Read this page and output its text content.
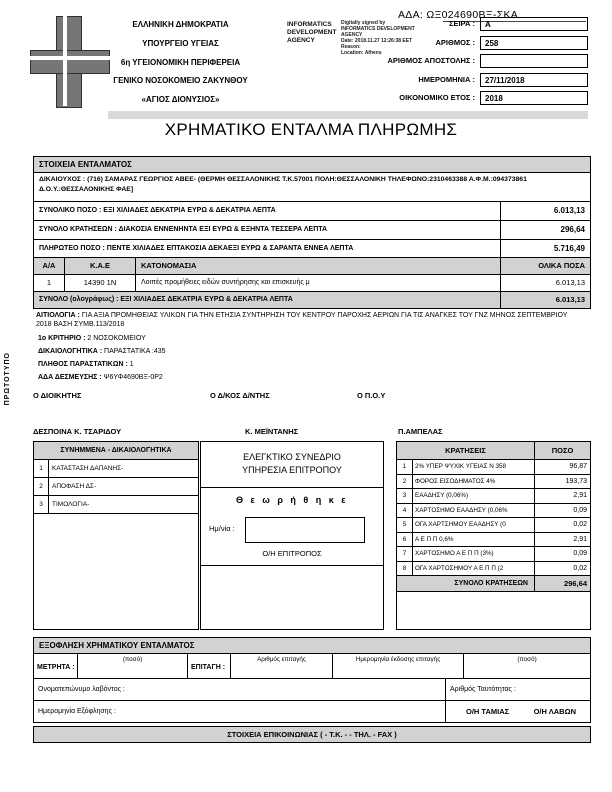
ΕΛΛΗΝΙΚΗ ΔΗΜΟΚΡΑΤΙΑ
ΥΠΟΥΡΓΕΙΟ ΥΓΕΙΑΣ
6η ΥΓΕΙΟΝΟΜΙΚΗ ΠΕΡΙΦΕΡΕΙΑ
ΓΕΝΙΚΟ ΝΟΣΟΚΟΜΕΙΟ ΖΑΚΥΝΘΟΥ
«ΑΓΙΟΣ ΔΙΟΝΥΣΙΟΣ»
INFORMATICS DEVELOPMENT AGENCY
Digitally signed by
INFORMATICS DEVELOPMENT AGENCY
Date: 2018.11.27 12:26:38 EET
Reason:
Location: Athens
ΑΔΑ: ΩΞ024690ΒΞ-ΣΚΑ
ΣΕΙΡΑ :	Α
ΑΡΙΘΜΟΣ :	258
ΑΡΙΘΜΟΣ ΑΠΟΣΤΟΛΗΣ :
ΗΜΕΡΟΜΗΝΙΑ :	27/11/2018
ΟΙΚΟΝΟΜΙΚΟ ΕΤΟΣ :	2018
ΧΡΗΜΑΤΙΚΟ ΕΝΤΑΛΜΑ ΠΛΗΡΩΜΗΣ
ΣΤΟΙΧΕΙΑ ΕΝΤΑΛΜΑΤΟΣ
ΔΙΚΑΙΟΥΧΟΣ : (716) ΣΑΜΑΡΑΣ ΓΕΩΡΓΙΟΣ ΑΒΕΕ- (ΘΕΡΜΗ ΘΕΣΣΑΛΟΝΙΚΗΣ Τ.Κ.57001 ΠΟΛΗ:ΘΕΣΣΑΛΟΝΙΚΗ ΤΗΛΕΦΩΝΟ:2310463388 Α.Φ.Μ.:094373861 Δ.Ο.Υ.:ΘΕΣΣΑΛΟΝΙΚΗΣ ΦΑΕ]
ΣΥΝΟΛΙΚΟ ΠΟΣΟ : ΕΞΙ ΧΙΛΙΑΔΕΣ ΔΕΚΑΤΡΙΑ ΕΥΡΩ & ΔΕΚΑΤΡΙΑ ΛΕΠΤΑ	6.013,13
ΣΥΝΟΛΟ ΚΡΑΤΗΣΕΩΝ : ΔΙΑΚΟΣΙΑ ΕΝΝΕΝΗΝΤΑ ΕΞΙ ΕΥΡΩ & ΕΞΗΝΤΑ ΤΕΣΣΕΡΑ ΛΕΠΤΑ	296,64
ΠΛΗΡΩΤΕΟ ΠΟΣΟ : ΠΕΝΤΕ ΧΙΛΙΑΔΕΣ ΕΠΤΑΚΟΣΙΑ ΔΕΚΑΕΞΙ ΕΥΡΩ & ΣΑΡΑΝΤΑ ΕΝΝΕΑ ΛΕΠΤΑ	5.716,49
Α/Α	Κ.Α.Ε	ΚΑΤΟΝΟΜΑΣΙΑ	ΟΛΙΚΑ ΠΟΣΑ
1	14390 1Ν	Λοιπές προμήθειες ειδών συντήρησης και επισκευής μ	6.013,13
ΣΥΝΟΛΟ (ολογράφως) : ΕΞΙ ΧΙΛΙΑΔΕΣ ΔΕΚΑΤΡΙΑ ΕΥΡΩ & ΔΕΚΑΤΡΙΑ ΛΕΠΤΑ	6.013,13
ΑΙΤΙΟΛΟΓΙΑ : ΓΙΑ ΑΞΙΑ ΠΡΟΜΗΘΕΙΑΣ ΥΛΙΚΩΝ ΓΙΑ ΤΗΝ ΕΤΗΣΙΑ ΣΥΝΤΗΡΗΣΗ ΤΟΥ ΚΕΝΤΡΟΥ ΠΑΡΟΧΗΣ ΑΕΡΙΩΝ ΓΙΑ ΤΙΣ ΑΝΑΓΚΕΣ ΤΟΥ ΓΝΖ ΜΗΝΟΣ ΣΕΠΤΕΜΒΡΙΟΥ 2018 ΒΑΣΗ ΣΥΜΒ.113/2018
1ο ΚΡΙΤΗΡΙΟ : 2 ΝΟΣΟΚΟΜΕΙΟΥ
ΔΙΚΑΙΟΛΟΓΗΤΙΚΑ : ΠΑΡΑΣΤΑΤΙΚΑ :435
ΠΛΗΘΟΣ ΠΑΡΑΣΤΑΤΙΚΩΝ : 1
ΑΔΑ ΔΕΣΜΕΥΣΗΣ : Ψ6ΥΦ4690ΒΞ-0Ρ2
Ο ΔΙΟΙΚΗΤΗΣ	Ο Δ/ΚΟΣ Δ/ΝΤΗΣ	Ο Π.Ο.Υ
ΠΡΩΤΟΤΥΠΟ
ΔΕΣΠΟΙΝΑ Κ. ΤΣΑΡΙΔΟΥ	Κ. ΜΕΪΝΤΑΝΗΣ	Π.ΑΜΠΕΛΑΣ
ΣΥΝΗΜΜΕΝΑ - ΔΙΚΑΙΟΛΟΓΗΤΙΚΑ
1	ΚΑΤΑΣΤΑΣΗ ΔΑΠΑΝΗΣ-
2	ΑΠΟΦΑΣΗ ΔΣ-
3	ΤΙΜΟΛΟΓΙΑ-
ΕΛΕΓΚΤΙΚΟ ΣΥΝΕΔΡΙΟ
ΥΠΗΡΕΣΙΑ ΕΠΙΤΡΟΠΟΥ
Θ ε ω ρ ή θ η κ ε
Ημ/νία :
Ο/Η ΕΠΙΤΡΟΠΟΣ
ΚΡΑΤΗΣΕΙΣ	ΠΟΣΟ
1	2% ΥΠΕΡ ΨΥΧΙΚ ΥΓΕΙΑΣ Ν 358	96,87
2	ΦΟΡΟΣ ΕΙΣΟΔΗΜΑΤΟΣ 4%	193,73
3	ΕΑΑΔΗΣΥ (0,06%)	2,91
4	ΧΑΡΤΟΣΗΜΟ ΕΑΑΔΗΣΥ (0,06%	0,09
5	ΟΓΑ ΧΑΡΤΣΗΜΟΥ ΕΑΑΔΗΣΥ (0	0,02
6	Α Ε Π Π 0,6%	2,91
7	ΧΑΡΤΟΣΗΜΟ Α Ε Π Π (3%)	0,09
8	ΟΓΑ ΧΑΡΤΟΣΗΜΟΥ Α Ε Π Π (2	0,02
ΣΥΝΟΛΟ ΚΡΑΤΗΣΕΩΝ	296,64
ΕΞΟΦΛΗΣΗ ΧΡΗΜΑΤΙΚΟΥ ΕΝΤΑΛΜΑΤΟΣ
ΜΕΤΡΗΤΑ :
(ποσό)
ΕΠΙΤΑΓΗ :
Αριθμός επιταγής	Ημερομηνία έκδοσης επιταγής	(ποσό)
Ονοματεπώνυμο λαβόντος :	Αριθμός Ταυτότητας :
Ημερομηνία Εξόφλησης :	Ο/Η ΤΑΜΙΑΣ	Ο/Η ΛΑΒΩΝ
ΣΤΟΙΧΕΙΑ ΕΠΙΚΟΙΝΩΝΙΑΣ ( - Τ.Κ. - - ΤΗΛ. - FAX )
